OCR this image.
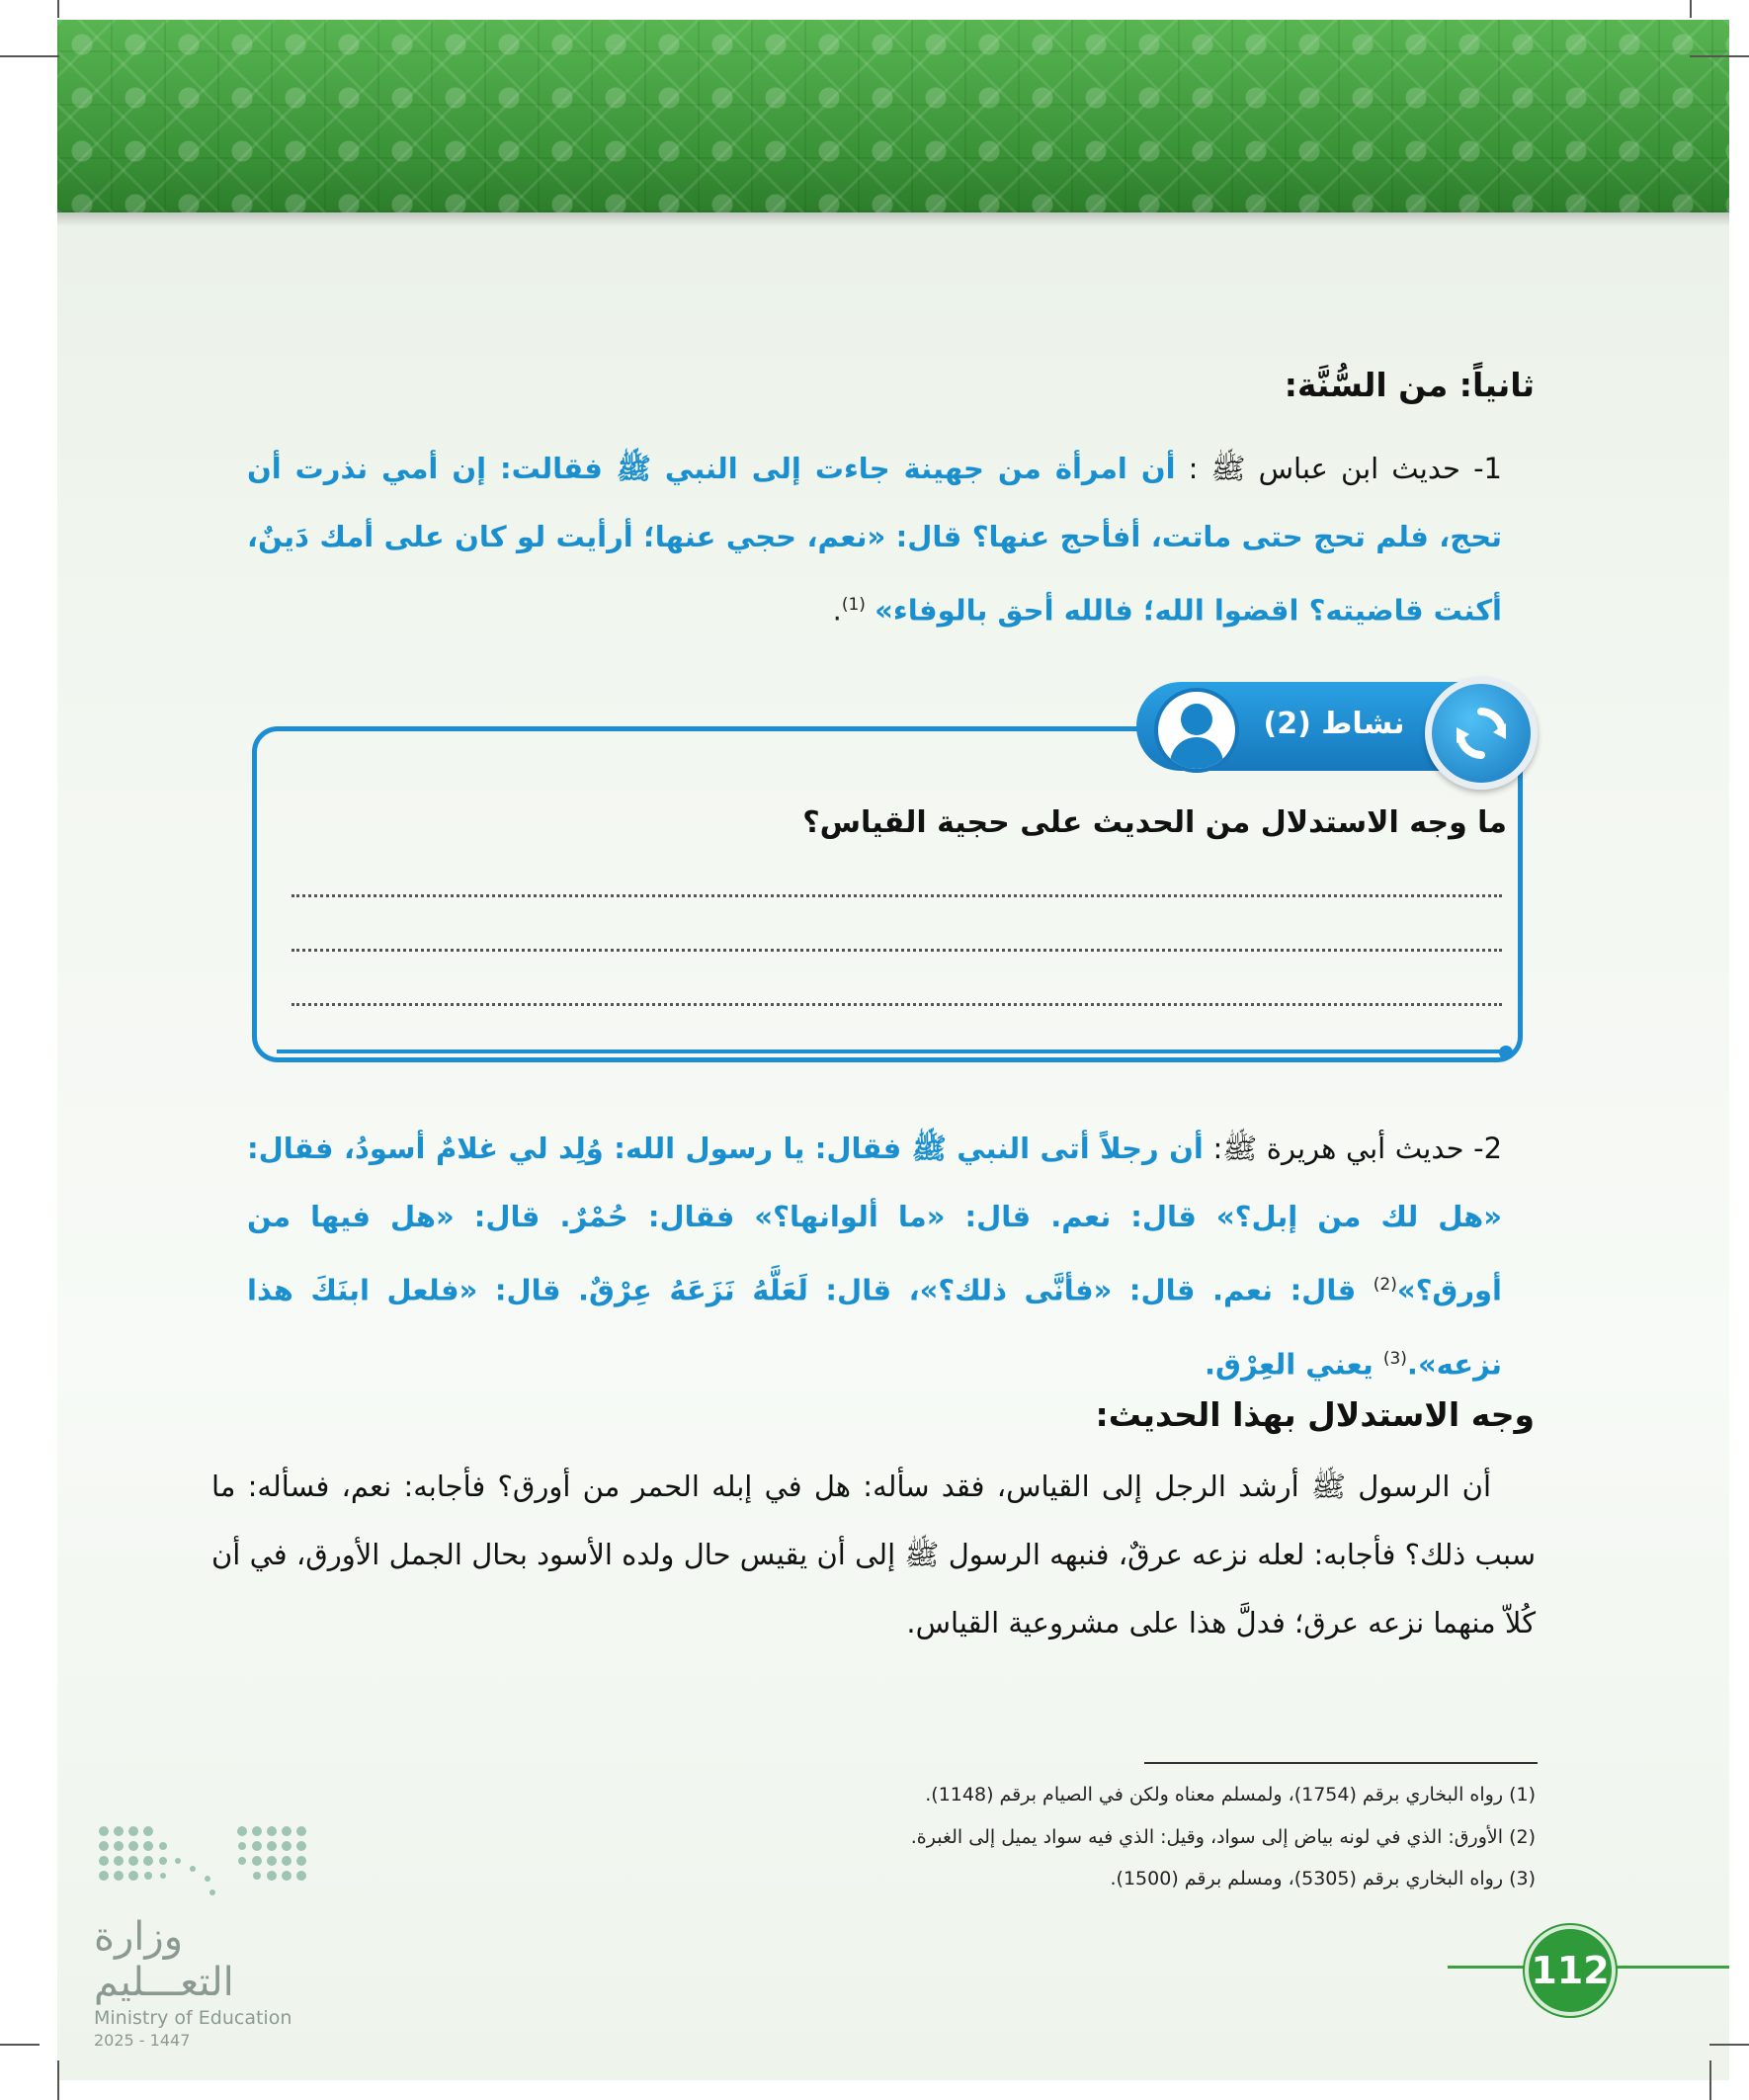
ثانياً: من السُّنَّة:
1- حديث ابن عباس ﷺ : أن امرأة من جهينة جاءت إلى النبي ﷺ فقالت: إن أمي نذرت أن تحج، فلم تحج حتى ماتت، أفأحج عنها؟ قال: «نعم، حجي عنها؛ أرأيت لو كان على أمك دَينٌ، أكنت قاضيته؟ اقضوا الله؛ فالله أحق بالوفاء» $^{(1)}$.
نشاط (2)
ما وجه الاستدلال من الحديث على حجية القياس؟
2- حديث أبي هريرة ﷺ: أن رجلاً أتى النبي ﷺ فقال: يا رسول الله: وُلِد لي غلامٌ أسودُ، فقال: «هل لك من إبل؟» قال: نعم. قال: «ما ألوانها؟» فقال: حُمْرٌ. قال: «هل فيها من أورق؟»$^{(2)}$ قال: نعم. قال: «فأنَّى ذلك؟»، قال: لَعَلَّهُ نَزَعَهُ عِرْقٌ. قال: «فلعل ابنَكَ هذا نزعه».$^{(3)}$ يعني العِرْق.
وجه الاستدلال بهذا الحديث:
أن الرسول ﷺ أرشد الرجل إلى القياس، فقد سأله: هل في إبله الحمر من أورق؟ فأجابه: نعم، فسأله: ما سبب ذلك؟ فأجابه: لعله نزعه عرقٌ، فنبهه الرسول ﷺ إلى أن يقيس حال ولده الأسود بحال الجمل الأورق، في أن كُلاّ منهما نزعه عرق؛ فدلَّ هذا على مشروعية القياس.
(1) رواه البخاري برقم (1754)، ولمسلم معناه ولكن في الصيام برقم (1148).
(2) الأورق: الذي في لونه بياض إلى سواد، وقيل: الذي فيه سواد يميل إلى الغبرة.
(3) رواه البخاري برقم (5305)، ومسلم برقم (1500).
وزارة التعـــليم
Ministry of Education
2025 - 1447
112
